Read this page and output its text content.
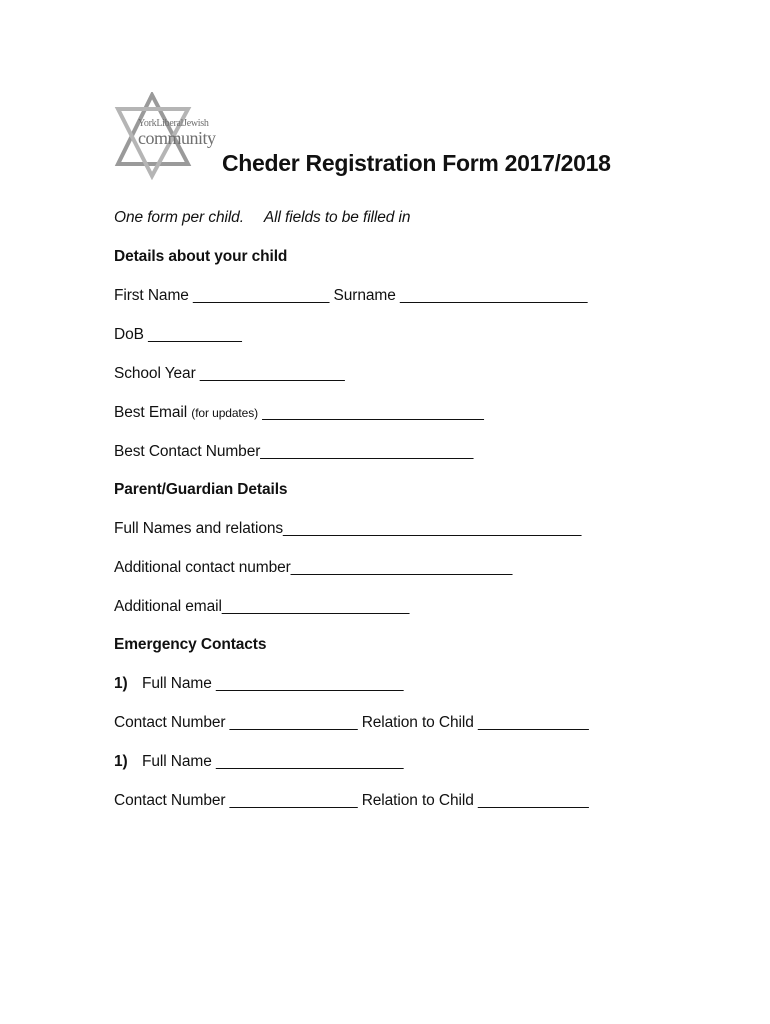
YorkLiberalJewish
community
Cheder Registration Form 2017/2018
One form per child. All fields to be filled in
Details about your child
First Name ________________ Surname ______________________
DoB ___________
School Year _________________
Best Email (for updates) __________________________
Best Contact Number_________________________
Parent/Guardian Details
Full Names and relations___________________________________
Additional contact number__________________________
Additional email______________________
Emergency Contacts
1) Full Name ______________________
Contact Number _______________ Relation to Child _____________
1) Full Name ______________________
Contact Number _______________ Relation to Child _____________
